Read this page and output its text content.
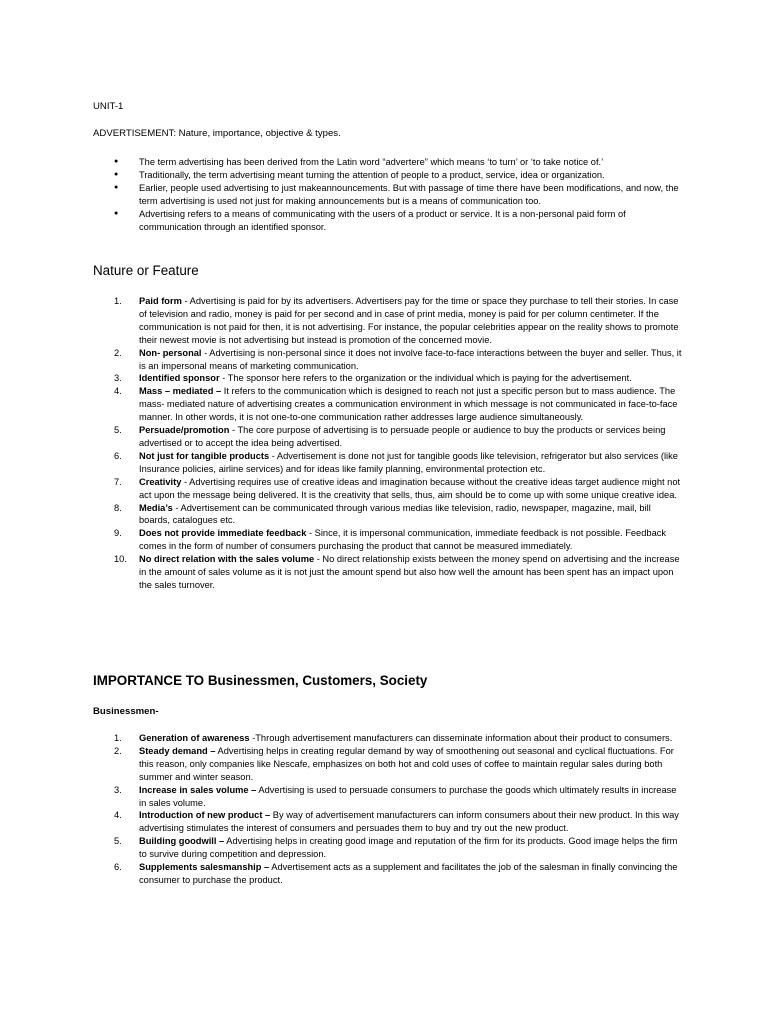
UNIT-1
ADVERTISEMENT: Nature, importance, objective & types.
● The term advertising has been derived from the Latin word “advertere” which means ‘to turn’ or ‘to take notice of.’
● Traditionally, the term advertising meant turning the attention of people to a product, service, idea or organization.
● Earlier, people used advertising to just makeannouncements. But with passage of time there have been modifications, and now, the term advertising is used not just for making announcements but is a means of communication too.
● Advertising refers to a means of communicating with the users of a product or service. It is a non-personal paid form of communication through an identified sponsor.
Nature or Feature
1.	Paid form - Advertising is paid for by its advertisers. Advertisers pay for the time or space they purchase to tell their stories. In case of television and radio, money is paid for per second and in case of print media, money is paid for per column centimeter. If the communication is not paid for then, it is not advertising. For instance, the popular celebrities appear on the reality shows to promote their newest movie is not advertising but instead is promotion of the concerned movie.
2.	Non- personal - Advertising is non-personal since it does not involve face-to-face interactions between the buyer and seller. Thus, it is an impersonal means of marketing communication.
3.	Identified sponsor - The sponsor here refers to the organization or the individual which is paying for the advertisement.
4.	Mass – mediated – It refers to the communication which is designed to reach not just a specific person but to mass audience. The mass- mediated nature of advertising creates a communication environment in which message is not communicated in face-to-face manner. In other words, it is not one-to-one communication rather addresses large audience simultaneously.
5.	Persuade/promotion - The core purpose of advertising is to persuade people or audience to buy the products or services being advertised or to accept the idea being advertised.
6.	Not just for tangible products - Advertisement is done not just for tangible goods like television, refrigerator but also services (like Insurance policies, airline services) and for ideas like family planning, environmental protection etc.
7.	Creativity - Advertising requires use of creative ideas and imagination because without the creative ideas target audience might not act upon the message being delivered. It is the creativity that sells, thus, aim should be to come up with some unique creative idea.
8.	Media’s - Advertisement can be communicated through various medias like television, radio, newspaper, magazine, mail, bill boards, catalogues etc.
9.	Does not provide immediate feedback - Since, it is impersonal communication, immediate feedback is not possible. Feedback comes in the form of number of consumers purchasing the product that cannot be measured immediately.
10.	No direct relation with the sales volume - No direct relationship exists between the money spend on advertising and the increase in the amount of sales volume as it is not just the amount spend but also how well the amount has been spent has an impact upon the sales turnover.
IMPORTANCE TO Businessmen, Customers, Society
Businessmen-
1.	Generation of awareness -Through advertisement manufacturers can disseminate information about their product to consumers.
2.	Steady demand – Advertising helps in creating regular demand by way of smoothening out seasonal and cyclical fluctuations. For this reason, only companies like Nescafe, emphasizes on both hot and cold uses of coffee to maintain regular sales during both summer and winter season.
3.	Increase in sales volume – Advertising is used to persuade consumers to purchase the goods which ultimately results in increase in sales volume.
4.	Introduction of new product – By way of advertisement manufacturers can inform consumers about their new product. In this way advertising stimulates the interest of consumers and persuades them to buy and try out the new product.
5.	Building goodwill – Advertising helps in creating good image and reputation of the firm for its products. Good image helps the firm to survive during competition and depression.
6.	Supplements salesmanship – Advertisement acts as a supplement and facilitates the job of the salesman in finally convincing the consumer to purchase the product.
